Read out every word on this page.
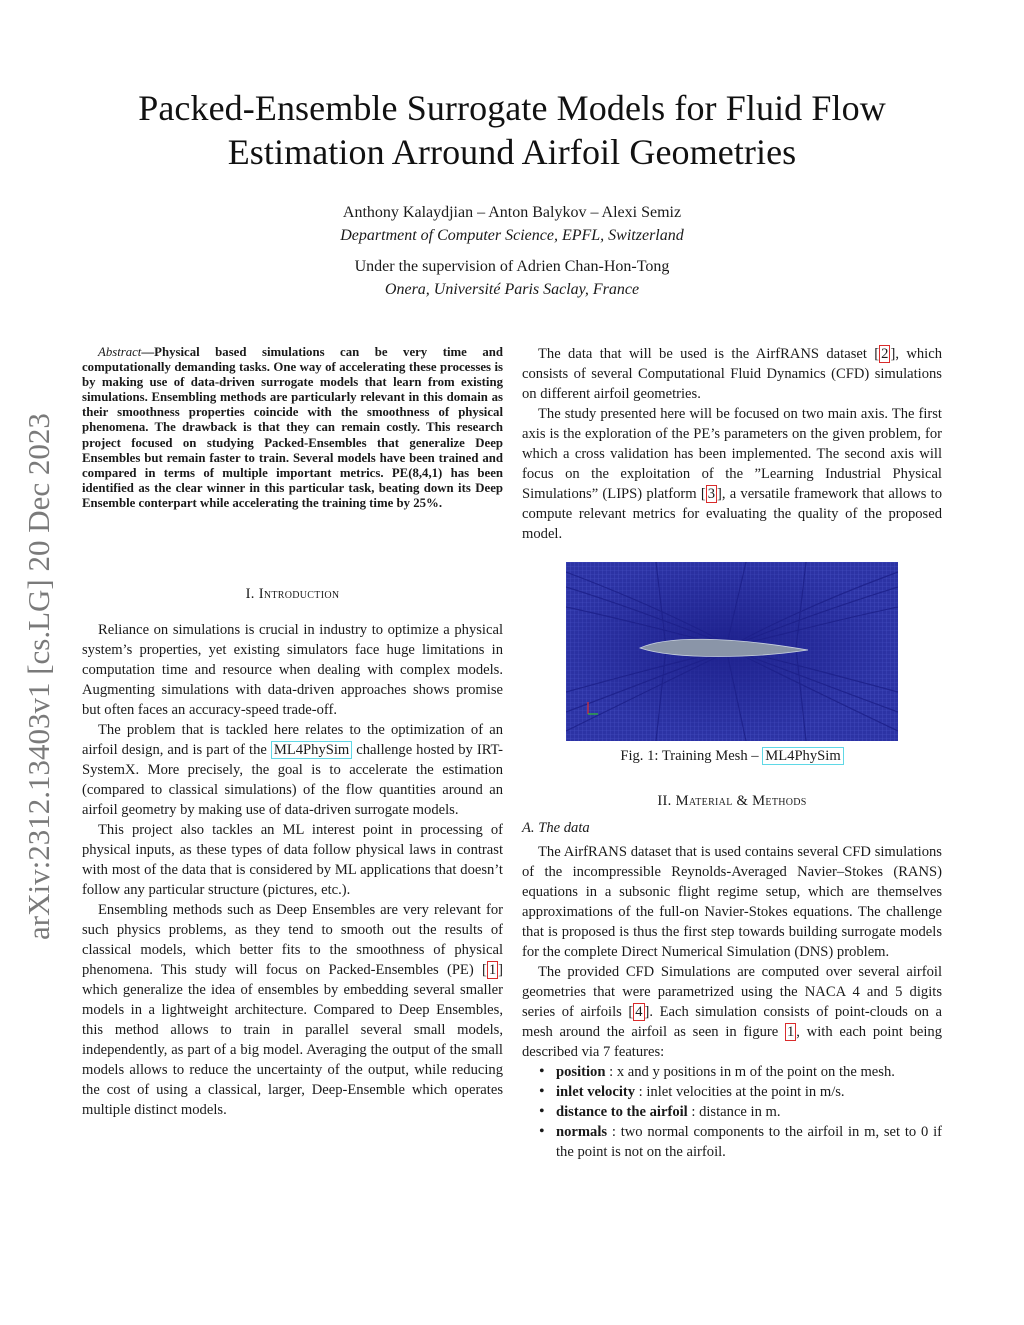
Packed-Ensemble Surrogate Models for Fluid Flow
Estimation Arround Airfoil Geometries
Anthony Kalaydjian – Anton Balykov – Alexi Semiz
Department of Computer Science, EPFL, Switzerland
Under the supervision of Adrien Chan-Hon-Tong
Onera, Université Paris Saclay, France
arXiv:2312.13403v1 [cs.LG] 20 Dec 2023
Abstract—Physical based simulations can be very time and computationally demanding tasks. One way of accelerating these processes is by making use of data-driven surrogate models that learn from existing simulations. Ensembling methods are particularly relevant in this domain as their smoothness properties coincide with the smoothness of physical phenomena. The drawback is that they can remain costly. This research project focused on studying Packed-Ensembles that generalize Deep Ensembles but remain faster to train. Several models have been trained and compared in terms of multiple important metrics. PE(8,4,1) has been identified as the clear winner in this particular task, beating down its Deep Ensemble conterpart while accelerating the training time by 25%.
I. Introduction

Reliance on simulations is crucial in industry to optimize a physical system’s properties, yet existing simulators face huge limitations in computation time and resource when dealing with complex models. Augmenting simulations with data-driven approaches shows promise but often faces an accuracy-speed trade-off.

The problem that is tackled here relates to the optimization of an airfoil design, and is part of the ML4PhySim challenge hosted by IRT-SystemX. More precisely, the goal is to accelerate the estimation (compared to classical simulations) of the flow quantities around an airfoil geometry by making use of data-driven surrogate models.

This project also tackles an ML interest point in processing of physical inputs, as these types of data follow physical laws in contrast with most of the data that is considered by ML applications that doesn’t follow any particular structure (pictures, etc.).

Ensembling methods such as Deep Ensembles are very relevant for such physics problems, as they tend to smooth out the results of classical models, which better fits to the smoothness of physical phenomena. This study will focus on Packed-Ensembles (PE) [ 1 ] which generalize the idea of ensembles by embedding several smaller models in a lightweight architecture. Compared to Deep Ensembles, this method allows to train in parallel several small models, independently, as part of a big model. Averaging the output of the small models allows to reduce the uncertainty of the output, while reducing the cost of using a classical, larger, Deep-Ensemble which operates multiple distinct models.

The data that will be used is the AirfRANS dataset [ 2 ], which consists of several Computational Fluid Dynamics (CFD) simulations on different airfoil geometries.

The study presented here will be focused on two main axis. The first axis is the exploration of the PE’s parameters on the given problem, for which a cross validation has been implemented. The second axis will focus on the exploitation of the ”Learning Industrial Physical Simulations” (LIPS) platform [ 3 ], a versatile framework that allows to compute relevant metrics for evaluating the quality of the proposed model.

Fig. 1: Training Mesh – ML4PhySim
II. Material & Methods
A. The data

The AirfRANS dataset that is used contains several CFD simulations of the incompressible Reynolds-Averaged Navier–Stokes (RANS) equations in a subsonic flight regime setup, which are themselves approximations of the full-on Navier-Stokes equations. The challenge that is proposed is thus the first step towards building surrogate models for the complete Direct Numerical Simulation (DNS) problem.

The provided CFD Simulations are computed over several airfoil geometries that were parametrized using the NACA 4 and 5 digits series of airfoils [ 4 ]. Each simulation consists of point-clouds on a mesh around the airfoil as seen in figure 1 , with each point being described via 7 features:

• position : x and y positions in m of the point on the mesh.
• inlet velocity : inlet velocities at the point in m/s.
• distance to the airfoil : distance in m.
• normals : two normal components to the airfoil in m, set to 0 if the point is not on the airfoil.
